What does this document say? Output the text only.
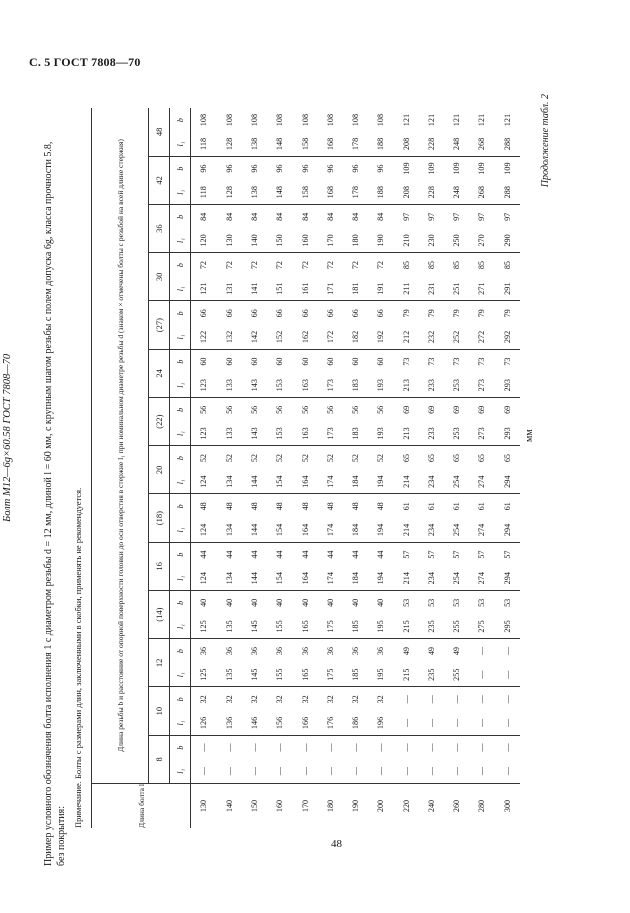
С. 5 ГОСТ 7808—70
Продолжение табл. 2
мм
Длина болта l	Длина резьбы b и расстояние от опорной поверхности головки до оси отверстия в стержне l₁ при номинальном диаметре резьбы d (знаком × отмечены болты с резьбой на всей длине стержня)																											
	8		10		12		(14)		16		(18)		20		(22)		24		(27)		30		36		42		48	
	l₁	b	l₁	b	l₁	b	l₁	b	l₁	b	l₁	b	l₁	b	l₁	b	l₁	b	l₁	b	l₁	b	l₁	b	l₁	b	l₁	b
130	—	—	126	32	125	36	125	40	124	44	124	48	124	52	123	56	123	60	122	66	121	72	120	84	118	96	118	108
140	—	—	136	32	135	36	135	40	134	44	134	48	134	52	133	56	133	60	132	66	131	72	130	84	128	96	128	108
150	—	—	146	32	145	36	145	40	144	44	144	48	144	52	143	56	143	60	142	66	141	72	140	84	138	96	138	108
160	—	—	156	32	155	36	155	40	154	44	154	48	154	52	153	56	153	60	152	66	151	72	150	84	148	96	148	108
170	—	—	166	32	165	36	165	40	164	44	164	48	164	52	163	56	163	60	162	66	161	72	160	84	158	96	158	108
180	—	—	176	32	175	36	175	40	174	44	174	48	174	52	173	56	173	60	172	66	171	72	170	84	168	96	168	108
190	—	—	186	32	185	36	185	40	184	44	184	48	184	52	183	56	183	60	182	66	181	72	180	84	178	96	178	108
200	—	—	196	32	195	36	195	40	194	44	194	48	194	52	193	56	193	60	192	66	191	72	190	84	188	96	188	108
220	—	—	—	—	215	49	215	53	214	57	214	61	214	65	213	69	213	73	212	79	211	85	210	97	208	109	208	121
240	—	—	—	—	235	49	235	53	234	57	234	61	234	65	233	69	233	73	232	79	231	85	230	97	228	109	228	121
260	—	—	—	—	255	49	255	53	254	57	254	61	254	65	253	69	253	73	252	79	251	85	250	97	248	109	248	121
280	—	—	—	—	—	—	275	53	274	57	274	61	274	65	273	69	273	73	272	79	271	85	270	97	268	109	268	121
300	—	—	—	—	—	—	295	53	294	57	294	61	294	65	293	69	293	73	292	79	291	85	290	97	288	109	288	121
Примечание. Болты с размерами длин, заключенными в скобки, применять не рекомендуется.
Пример условного обозначения болта исполнения 1 с диаметром резьбы d = 12 мм, длиной l = 60 мм, с крупным шагом резьбы с полем допуска 6g, класса прочности 5.8, без покрытия:
Болт М12—6g×60.58 ГОСТ 7808—70
48
